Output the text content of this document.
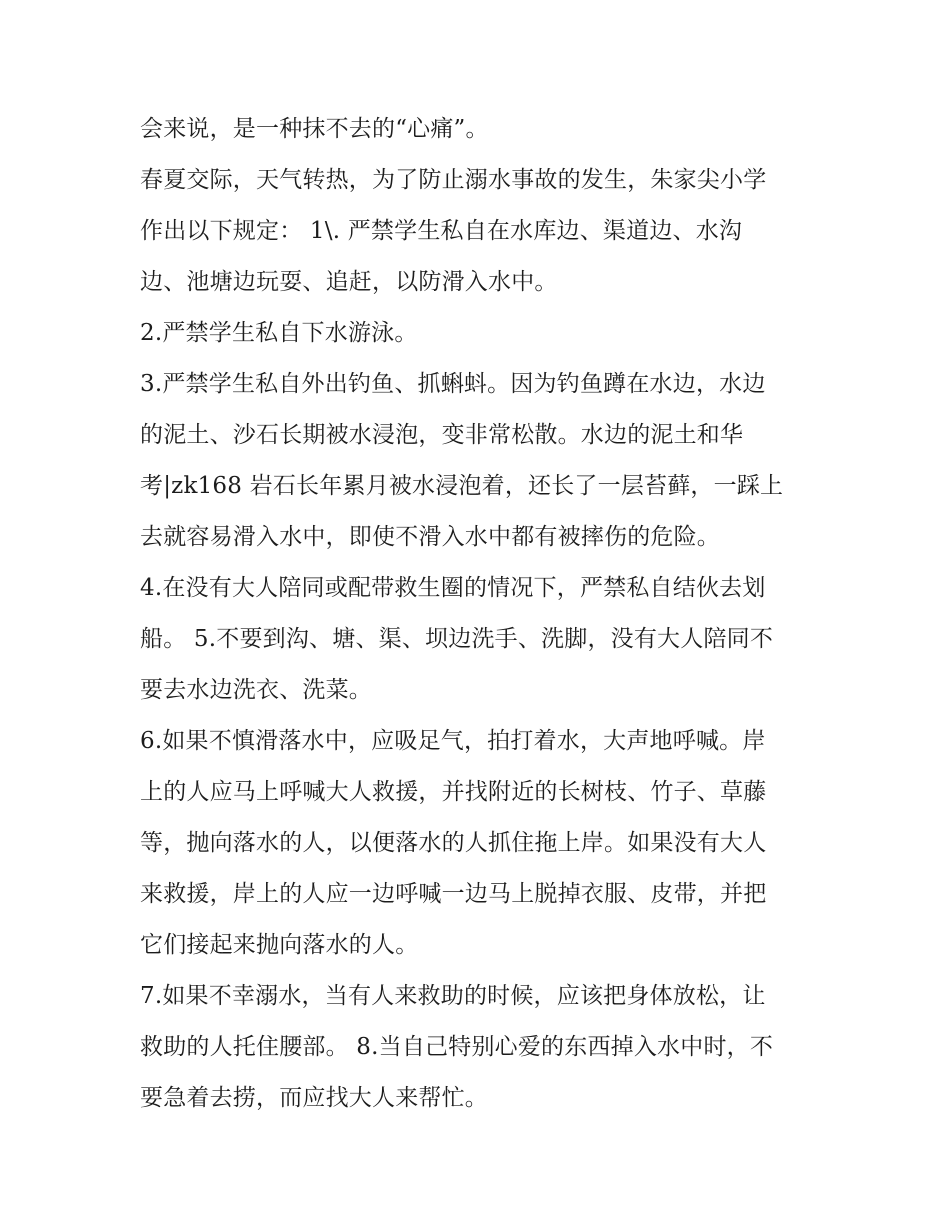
会来说，是一种抹不去的“心痛”。
春夏交际，天气转热，为了防止溺水事故的发生，朱家尖小学
作出以下规定： 1\. 严禁学生私自在水库边、渠道边、水沟
边、池塘边玩耍、追赶，以防滑入水中。
2.严禁学生私自下水游泳。
3.严禁学生私自外出钓鱼、抓蝌蚪。因为钓鱼蹲在水边，水边
的泥土、沙石长期被水浸泡，变非常松散。水边的泥土和华
考|zk168 岩石长年累月被水浸泡着，还长了一层苔藓，一踩上
去就容易滑入水中，即使不滑入水中都有被摔伤的危险。
4.在没有大人陪同或配带救生圈的情况下，严禁私自结伙去划
船。 5.不要到沟、塘、渠、坝边洗手、洗脚，没有大人陪同不
要去水边洗衣、洗菜。
6.如果不慎滑落水中，应吸足气，拍打着水，大声地呼喊。岸
上的人应马上呼喊大人救援，并找附近的长树枝、竹子、草藤
等，抛向落水的人，以便落水的人抓住拖上岸。如果没有大人
来救援，岸上的人应一边呼喊一边马上脱掉衣服、皮带，并把
它们接起来抛向落水的人。
7.如果不幸溺水，当有人来救助的时候，应该把身体放松，让
救助的人托住腰部。 8.当自己特别心爱的东西掉入水中时，不
要急着去捞，而应找大人来帮忙。
